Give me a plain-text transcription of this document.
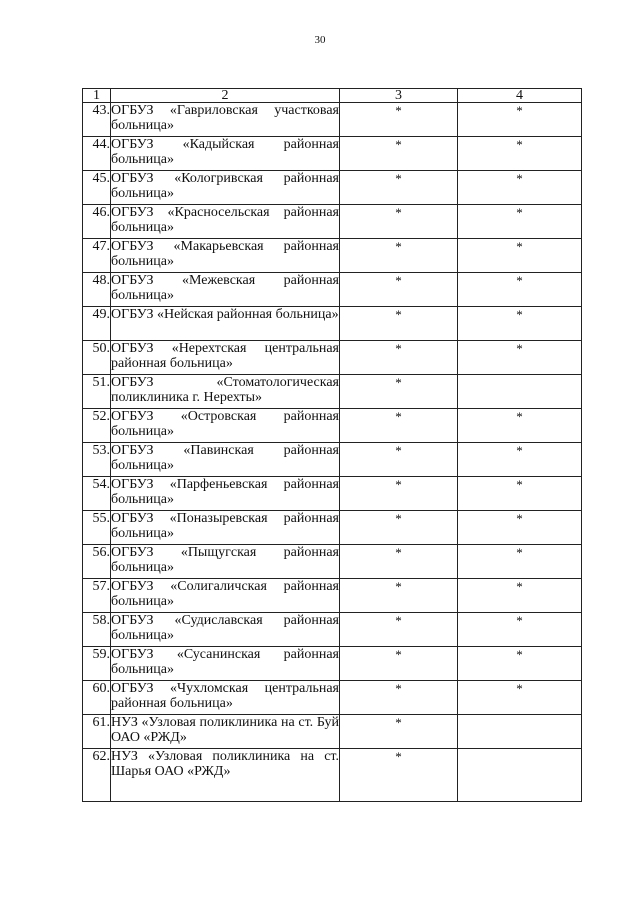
30
1	2	3	4
43.	ОГБУЗ «Гавриловская участковая больница»	*	*
44.	ОГБУЗ «Кадыйская районная больница»	*	*
45.	ОГБУЗ «Кологривская районная больница»	*	*
46.	ОГБУЗ «Красносельская районная больница»	*	*
47.	ОГБУЗ «Макарьевская районная больница»	*	*
48.	ОГБУЗ «Межевская районная больница»	*	*
49.	ОГБУЗ «Нейская районная больница»	*	*
50.	ОГБУЗ «Нерехтская центральная районная больница»	*	*
51.	ОГБУЗ «Стоматологическая поликлиника г. Нерехты»	*	
52.	ОГБУЗ «Островская районная больница»	*	*
53.	ОГБУЗ «Павинская районная больница»	*	*
54.	ОГБУЗ «Парфеньевская районная больница»	*	*
55.	ОГБУЗ «Поназыревская районная больница»	*	*
56.	ОГБУЗ «Пыщугская районная больница»	*	*
57.	ОГБУЗ «Солигаличская районная больница»	*	*
58.	ОГБУЗ «Судиславская районная больница»	*	*
59.	ОГБУЗ «Сусанинская районная больница»	*	*
60.	ОГБУЗ «Чухломская центральная районная больница»	*	*
61.	НУЗ «Узловая поликлиника на ст. Буй ОАО «РЖД»	*	
62.	НУЗ «Узловая поликлиника на ст. Шарья ОАО «РЖД»	*	
